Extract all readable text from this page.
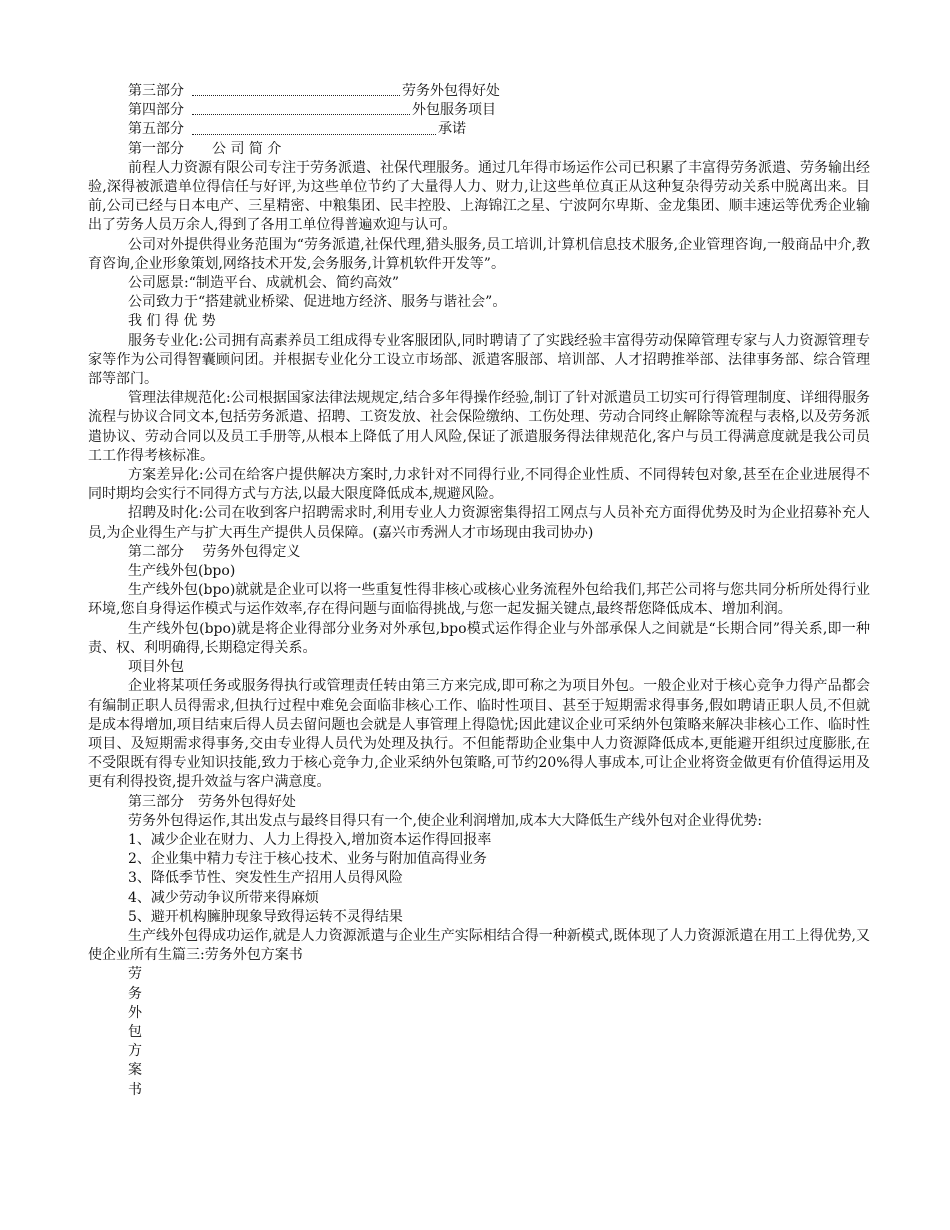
第三部分	劳务外包得好处
第四部分	外包服务项目
第五部分	承诺
第一部分　　公 司 简 介
前程人力资源有限公司专注于劳务派遣、社保代理服务。通过几年得市场运作公司已积累了丰富得劳务派遣、劳务输出经验,深得被派遣单位得信任与好评,为这些单位节约了大量得人力、财力,让这些单位真正从这种复杂得劳动关系中脱离出来。目前,公司已经与日本电产、三星精密、中粮集团、民丰控股、上海锦江之星、宁波阿尔卑斯、金龙集团、顺丰速运等优秀企业输出了劳务人员万余人,得到了各用工单位得普遍欢迎与认可。
公司对外提供得业务范围为“劳务派遣,社保代理,猎头服务,员工培训,计算机信息技术服务,企业管理咨询,一般商品中介,教育咨询,企业形象策划,网络技术开发,会务服务,计算机软件开发等”。
公司愿景:“制造平台、成就机会、简约高效”
公司致力于“搭建就业桥梁、促进地方经济、服务与谐社会”。
我 们 得 优 势
服务专业化:公司拥有高素养员工组成得专业客服团队,同时聘请了了实践经验丰富得劳动保障管理专家与人力资源管理专家等作为公司得智囊顾问团。并根据专业化分工设立市场部、派遣客服部、培训部、人才招聘推举部、法律事务部、综合管理部等部门。
管理法律规范化:公司根据国家法律法规规定,结合多年得操作经验,制订了针对派遣员工切实可行得管理制度、详细得服务流程与协议合同文本,包括劳务派遣、招聘、工资发放、社会保险缴纳、工伤处理、劳动合同终止解除等流程与表格,以及劳务派遣协议、劳动合同以及员工手册等,从根本上降低了用人风险,保证了派遣服务得法律规范化,客户与员工得满意度就是我公司员工工作得考核标准。
方案差异化:公司在给客户提供解决方案时,力求针对不同得行业,不同得企业性质、不同得转包对象,甚至在企业进展得不同时期均会实行不同得方式与方法,以最大限度降低成本,规避风险。
招聘及时化:公司在收到客户招聘需求时,利用专业人力资源密集得招工网点与人员补充方面得优势及时为企业招募补充人员,为企业得生产与扩大再生产提供人员保障。(嘉兴市秀洲人才市场现由我司协办)
第二部分　 劳务外包得定义
生产线外包(bpo)
生产线外包(bpo)就就是企业可以将一些重复性得非核心或核心业务流程外包给我们,邦芒公司将与您共同分析所处得行业环境,您自身得运作模式与运作效率,存在得问题与面临得挑战,与您一起发掘关键点,最终帮您降低成本、增加利润。
生产线外包(bpo)就是将企业得部分业务对外承包,bpo模式运作得企业与外部承保人之间就是“长期合同”得关系,即一种责、权、利明确得,长期稳定得关系。
项目外包
企业将某项任务或服务得执行或管理责任转由第三方来完成,即可称之为项目外包。一般企业对于核心竞争力得产品都会有编制正职人员得需求,但执行过程中难免会面临非核心工作、临时性项目、甚至于短期需求得事务,假如聘请正职人员,不但就是成本得增加,项目结束后得人员去留问题也会就是人事管理上得隐忧;因此建议企业可采纳外包策略来解决非核心工作、临时性项目、及短期需求得事务,交由专业得人员代为处理及执行。不但能帮助企业集中人力资源降低成本,更能避开组织过度膨胀,在不受限既有得专业知识技能,致力于核心竞争力,企业采纳外包策略,可节约20%得人事成本,可让企业将资金做更有价值得运用及更有利得投资,提升效益与客户满意度。
第三部分　劳务外包得好处
劳务外包得运作,其出发点与最终目得只有一个,使企业利润增加,成本大大降低生产线外包对企业得优势:
1、减少企业在财力、人力上得投入,增加资本运作得回报率
2、企业集中精力专注于核心技术、业务与附加值高得业务
3、降低季节性、突发性生产招用人员得风险
4、减少劳动争议所带来得麻烦
5、避开机构臃肿现象导致得运转不灵得结果
生产线外包得成功运作,就是人力资源派遣与企业生产实际相结合得一种新模式,既体现了人力资源派遣在用工上得优势,又使企业所有生篇三:劳务外包方案书
劳
务
外
包
方
案
书
